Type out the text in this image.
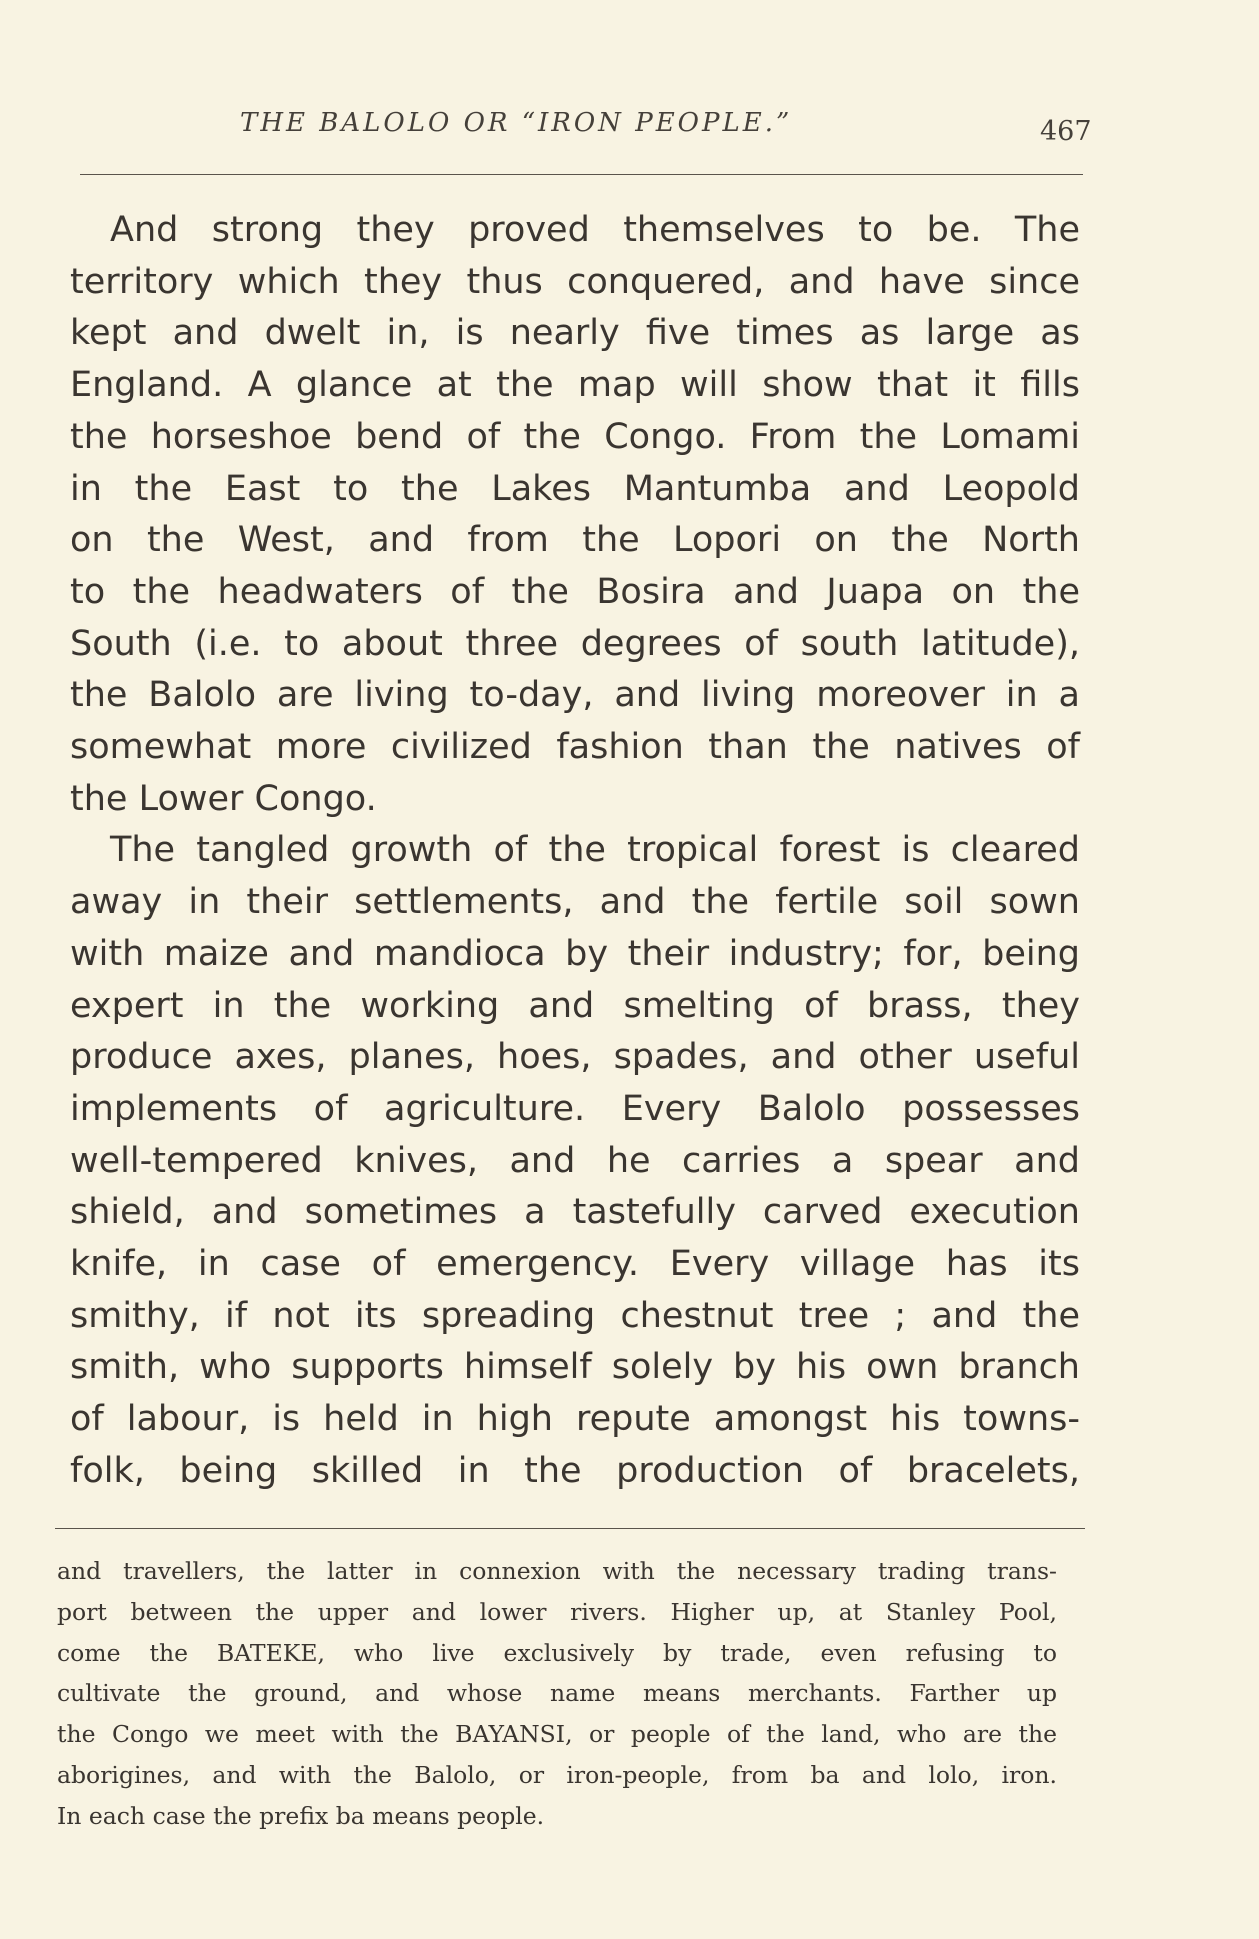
THE BALOLO OR “IRON PEOPLE.”	467
And strong they proved themselves to be. The
territory which they thus conquered, and have since
kept and dwelt in, is nearly five times as large as
England. A glance at the map will show that it fills
the horseshoe bend of the Congo. From the Lomami
in the East to the Lakes Mantumba and Leopold
on the West, and from the Lopori on the North
to the headwaters of the Bosira and Juapa on the
South (i.e. to about three degrees of south latitude),
the Balolo are living to-day, and living moreover in a
somewhat more civilized fashion than the natives of
the Lower Congo.
The tangled growth of the tropical forest is cleared
away in their settlements, and the fertile soil sown
with maize and mandioca by their industry; for, being
expert in the working and smelting of brass, they
produce axes, planes, hoes, spades, and other useful
implements of agriculture. Every Balolo possesses
well-tempered knives, and he carries a spear and
shield, and sometimes a tastefully carved execution
knife, in case of emergency. Every village has its
smithy, if not its spreading chestnut tree ; and the
smith, who supports himself solely by his own branch
of labour, is held in high repute amongst his towns-
folk, being skilled in the production of bracelets,
and travellers, the latter in connexion with the necessary trading trans-
port between the upper and lower rivers. Higher up, at Stanley Pool,
come the BATEKE, who live exclusively by trade, even refusing to
cultivate the ground, and whose name means merchants. Farther up
the Congo we meet with the BAYANSI, or people of the land, who are the
aborigines, and with the Balolo, or iron-people, from ba and lolo, iron.
In each case the prefix ba means people.
